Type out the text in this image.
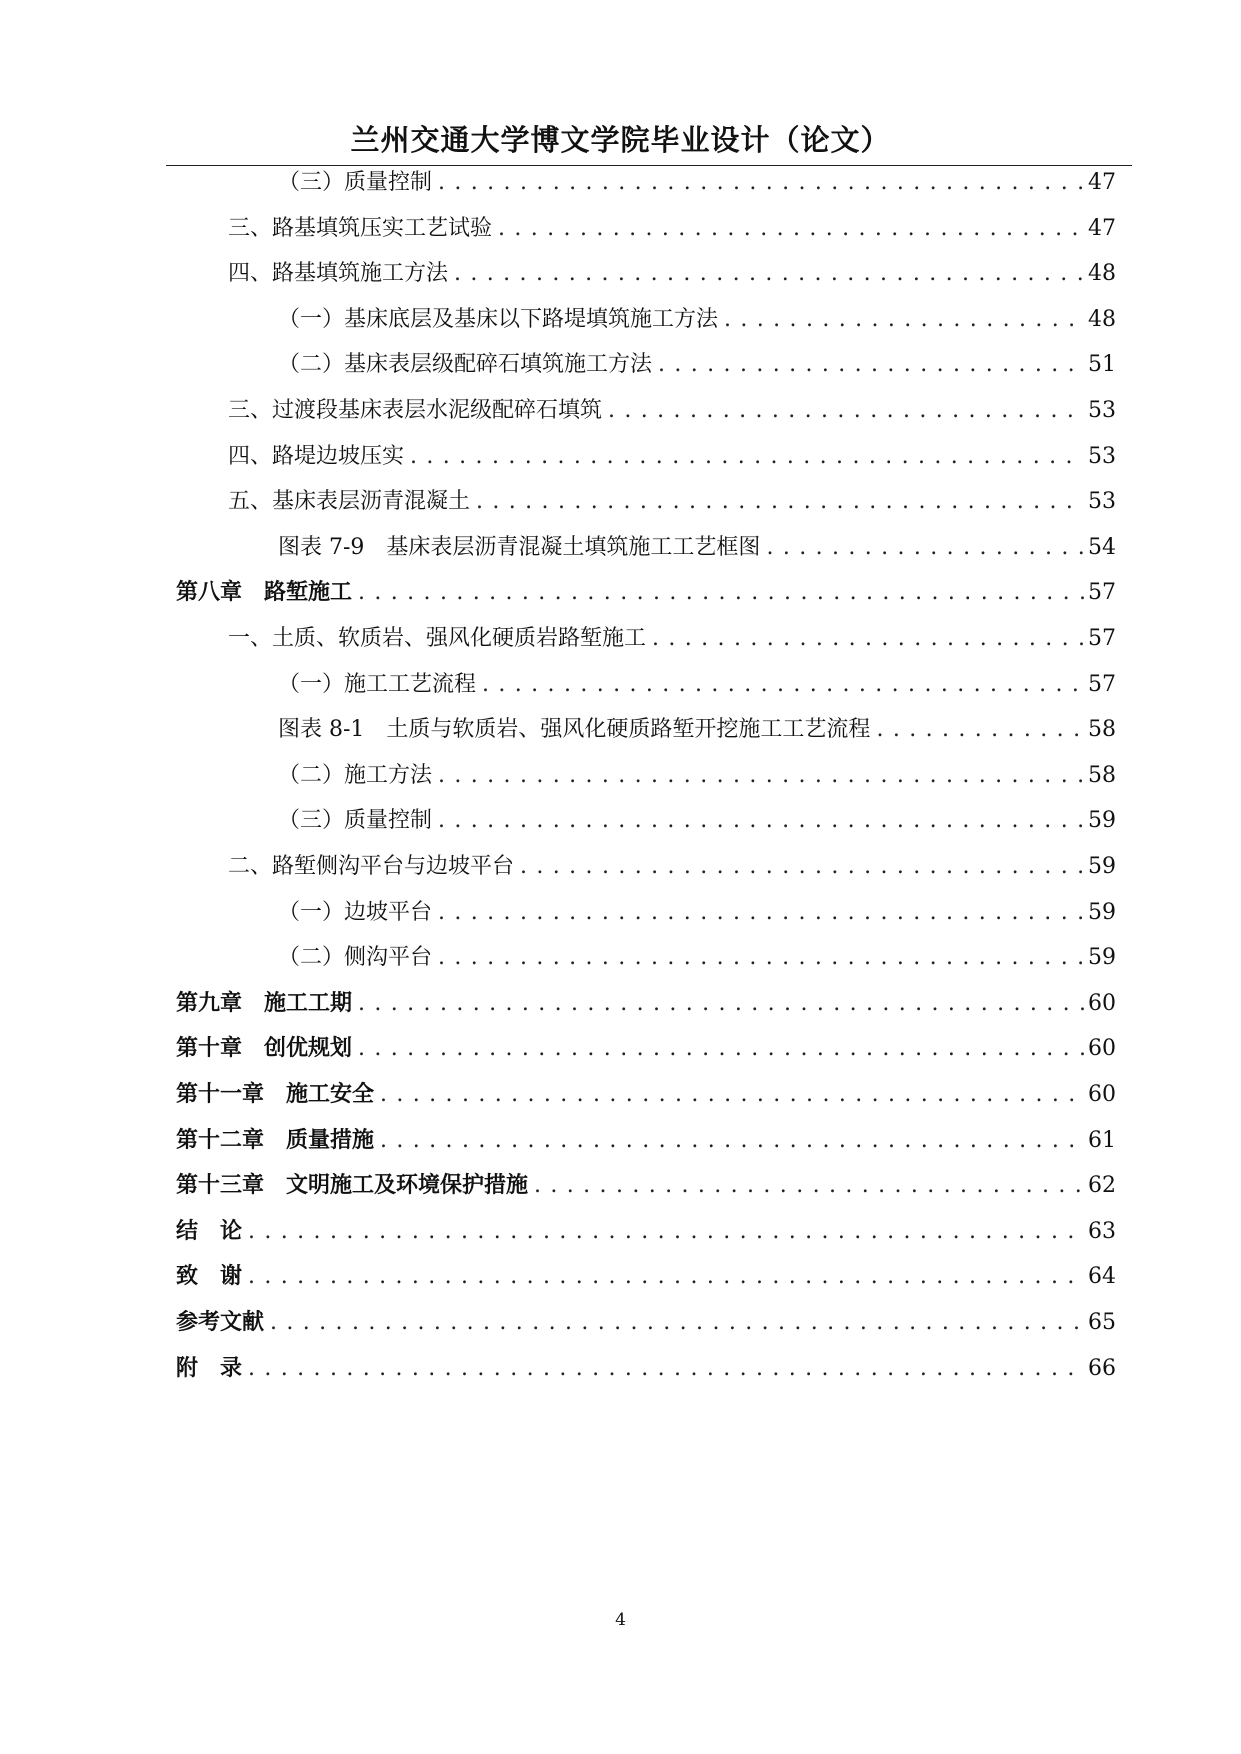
兰州交通大学博文学院毕业设计（论文）
（三）质量控制 . . .	47
三、路基填筑压实工艺试验 . . .	47
四、路基填筑施工方法 . . .	48
（一）基床底层及基床以下路堤填筑施工方法 . . .	48
（二）基床表层级配碎石填筑施工方法 . . .	51
三、过渡段基床表层水泥级配碎石填筑 . . .	53
四、路堤边坡压实 . . .	53
五、基床表层沥青混凝土 . . .	53
图表 7-9　基床表层沥青混凝土填筑施工工艺框图 . . .	54
第八章　路堑施工 . . .	57
一、土质、软质岩、强风化硬质岩路堑施工 . . .	57
（一）施工工艺流程 . . .	57
图表 8-1　土质与软质岩、强风化硬质路堑开挖施工工艺流程 . . .	58
（二）施工方法 . . .	58
（三）质量控制 . . .	59
二、路堑侧沟平台与边坡平台 . . .	59
（一）边坡平台 . . .	59
（二）侧沟平台 . . .	59
第九章　施工工期 . . .	60
第十章　创优规划 . . .	60
第十一章　施工安全 . . .	60
第十二章　质量措施 . . .	61
第十三章　文明施工及环境保护措施 . . .	62
结　论 . . .	63
致　谢 . . .	64
参考文献 . . .	65
附　录 . . .	66
4
